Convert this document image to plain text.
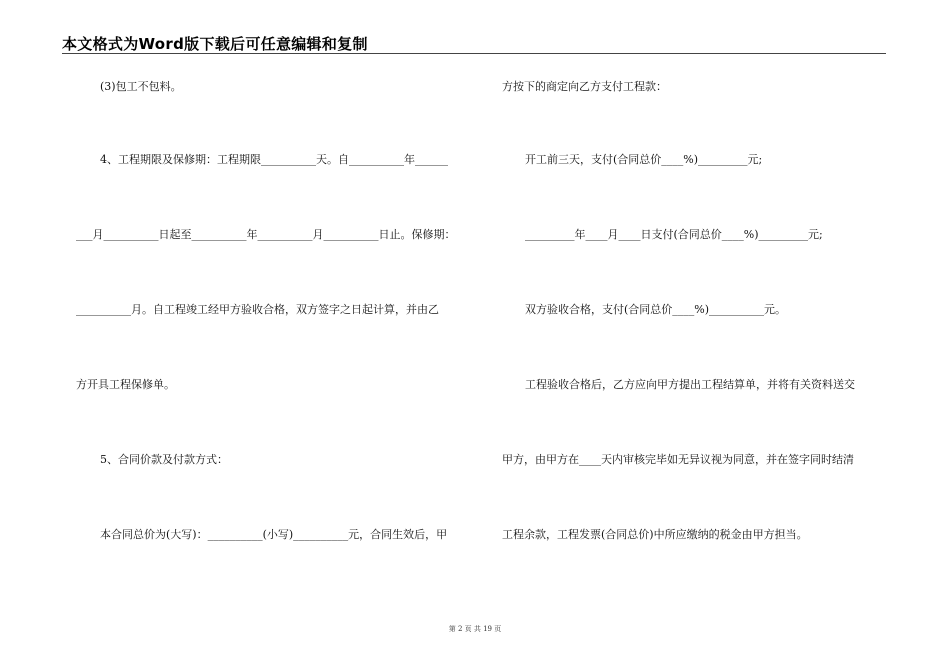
本文格式为Word版下载后可任意编辑和复制
(3)包工不包料。
4、工程期限及保修期：工程期限__________天。自__________年______
___月__________日起至__________年__________月__________日止。保修期：
__________月。自工程竣工经甲方验收合格，双方签字之日起计算，并由乙
方开具工程保修单。
5、合同价款及付款方式：
本合同总价为(大写)：__________(小写)__________元，合同生效后，甲
方按下的商定向乙方支付工程款：
开工前三天，支付(合同总价____%)_________元;
_________年____月____日支付(合同总价____%)_________元;
双方验收合格，支付(合同总价____%)__________元。
工程验收合格后，乙方应向甲方提出工程结算单，并将有关资料送交
甲方，由甲方在____天内审核完毕如无异议视为同意，并在签字同时结清
工程余款，工程发票(合同总价)中所应缴纳的税金由甲方担当。
第 2 页 共 19 页
